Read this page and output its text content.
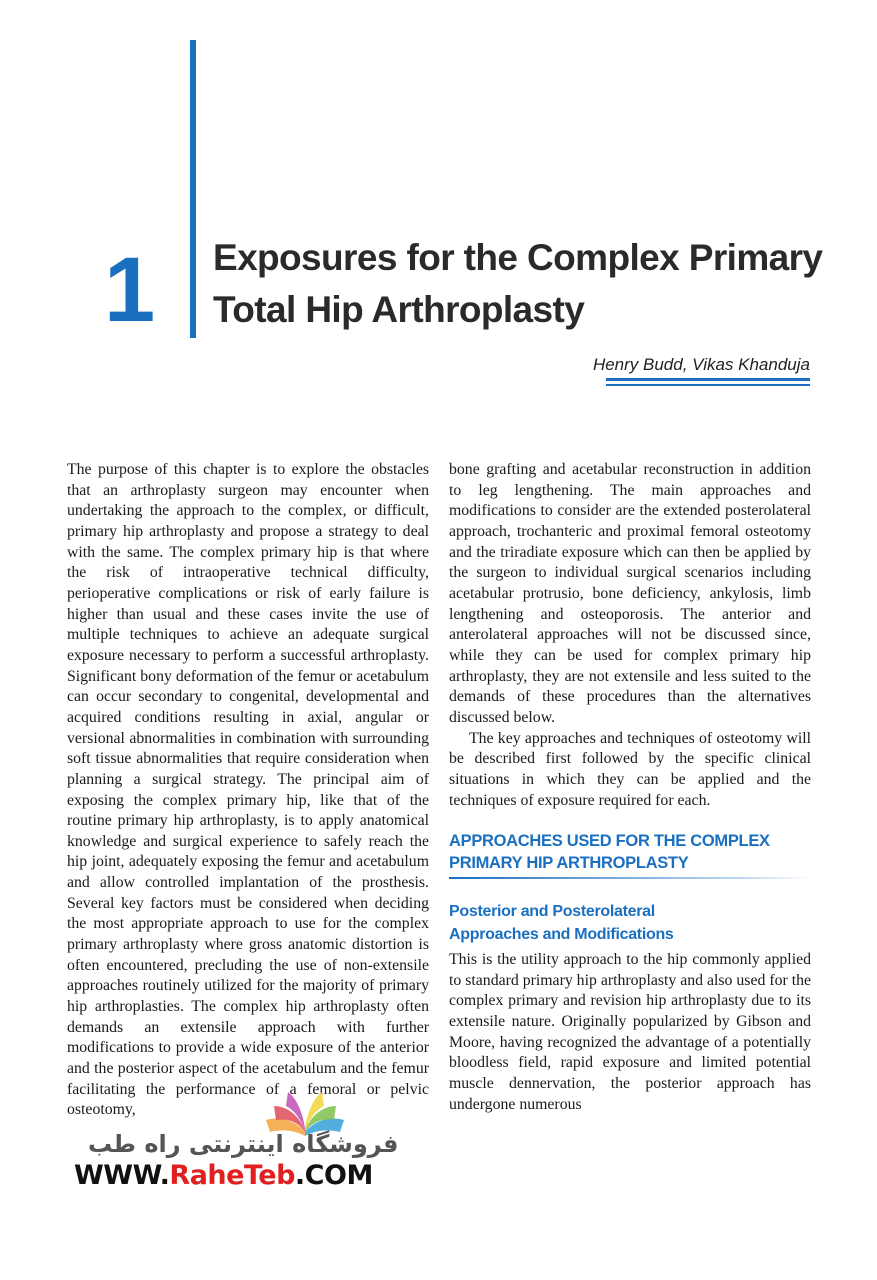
1 Exposures for the Complex Primary
Total Hip Arthroplasty
Henry Budd, Vikas Khanduja

The purpose of this chapter is to explore the obstacles that an arthroplasty surgeon may encounter when undertaking the approach to the complex, or difficult, primary hip arthroplasty and propose a strategy to deal with the same. The complex primary hip is that where the risk of intraoperative technical difficulty, perioperative complications or risk of early failure is higher than usual and these cases invite the use of multiple techniques to achieve an adequate surgical exposure necessary to perform a successful arthroplasty. Significant bony deformation of the femur or acetabulum can occur secondary to congenital, developmental and acquired conditions resulting in axial, angular or versional abnormalities in combination with surrounding soft tissue abnormalities that require consideration when planning a surgical strategy. The principal aim of exposing the complex primary hip, like that of the routine primary hip arthroplasty, is to apply anatomical knowledge and surgical experience to safely reach the hip joint, adequately exposing the femur and acetabulum and allow controlled implantation of the prosthesis. Several key factors must be considered when deciding the most appropriate approach to use for the complex primary arthroplasty where gross anatomic distortion is often encountered, precluding the use of non-extensile approaches routinely utilized for the majority of primary hip arthroplasties. The complex hip arthroplasty often demands an extensile approach with further modifications to provide a wide exposure of the anterior and the posterior aspect of the acetabulum and the femur facilitating the performance of a femoral or pelvic osteotomy,

bone grafting and acetabular reconstruction in addition to leg lengthening. The main approaches and modifications to consider are the extended posterolateral approach, trochanteric and proximal femoral osteotomy and the triradiate exposure which can then be applied by the surgeon to individual surgical scenarios including acetabular protrusio, bone deficiency, ankylosis, limb lengthening and osteoporosis. The anterior and anterolateral approaches will not be discussed since, while they can be used for complex primary hip arthroplasty, they are not extensile and less suited to the demands of these procedures than the alternatives discussed below.

The key approaches and techniques of osteotomy will be described first followed by the specific clinical situations in which they can be applied and the techniques of exposure required for each.

APPROACHES USED FOR THE COMPLEX
PRIMARY HIP ARTHROPLASTY
Posterior and Posterolateral
Approaches and Modifications

This is the utility approach to the hip commonly applied to standard primary hip arthroplasty and also used for the complex primary and revision hip arthroplasty due to its extensile nature. Originally popularized by Gibson and Moore, having recognized the advantage of a potentially bloodless field, rapid exposure and limited potential muscle dennervation, the posterior approach has undergone numerous

فروشگاه اینترنتی راه طب
WWW.RaheTeb.COM
